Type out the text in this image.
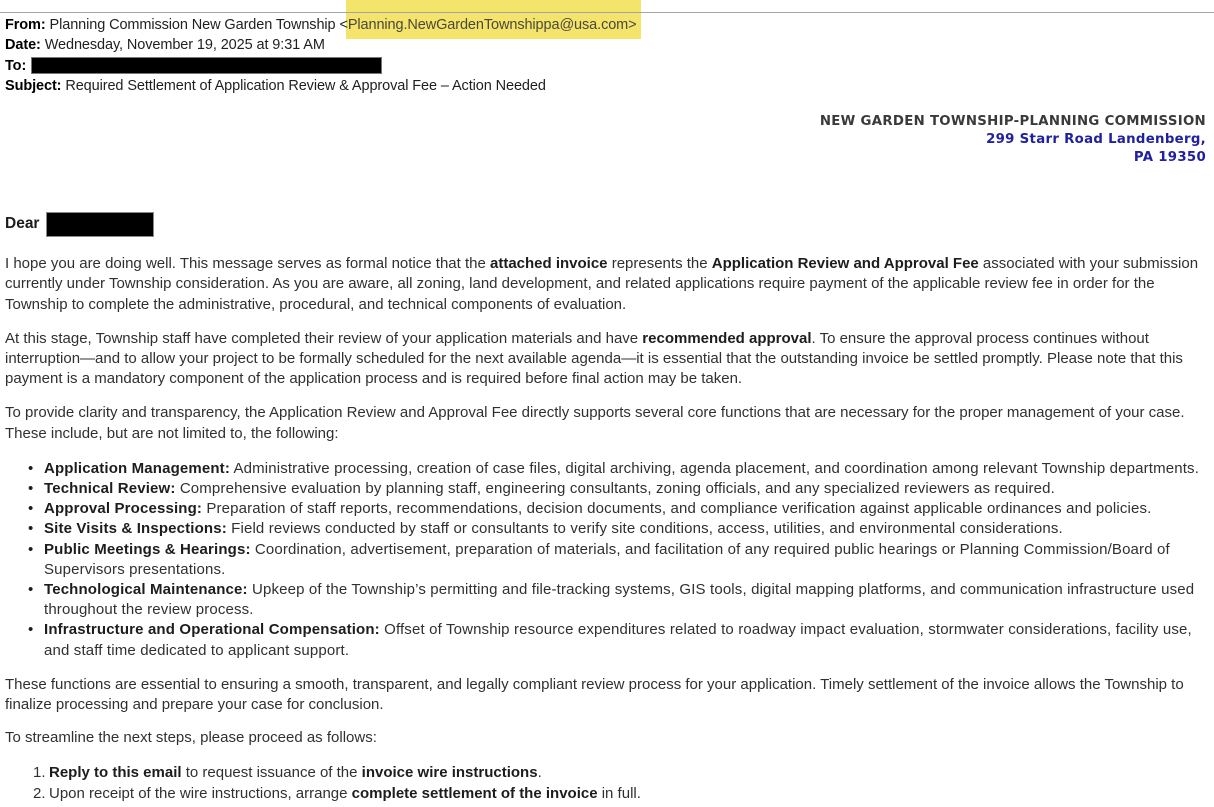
From: Planning Commission New Garden Township <Planning.NewGardenTownshippa@usa.com>
Date: Wednesday, November 19, 2025 at 9:31 AM
To:
Subject: Required Settlement of Application Review & Approval Fee – Action Needed
NEW GARDEN TOWNSHIP-PLANNING COMMISSION
299 Starr Road Landenberg,
PA 19350
Dear

I hope you are doing well. This message serves as formal notice that the attached invoice represents the Application Review and Approval Fee associated with your submission currently under Township consideration. As you are aware, all zoning, land development, and related applications require payment of the applicable review fee in order for the Township to complete the administrative, procedural, and technical components of evaluation.

At this stage, Township staff have completed their review of your application materials and have recommended approval. To ensure the approval process continues without interruption—and to allow your project to be formally scheduled for the next available agenda—it is essential that the outstanding invoice be settled promptly. Please note that this payment is a mandatory component of the application process and is required before final action may be taken.

To provide clarity and transparency, the Application Review and Approval Fee directly supports several core functions that are necessary for the proper management of your case. These include, but are not limited to, the following:

• Application Management: Administrative processing, creation of case files, digital archiving, agenda placement, and coordination among relevant Township departments.
• Technical Review: Comprehensive evaluation by planning staff, engineering consultants, zoning officials, and any specialized reviewers as required.
• Approval Processing: Preparation of staff reports, recommendations, decision documents, and compliance verification against applicable ordinances and policies.
• Site Visits & Inspections: Field reviews conducted by staff or consultants to verify site conditions, access, utilities, and environmental considerations.
• Public Meetings & Hearings: Coordination, advertisement, preparation of materials, and facilitation of any required public hearings or Planning Commission/Board of Supervisors presentations.
• Technological Maintenance: Upkeep of the Township’s permitting and file-tracking systems, GIS tools, digital mapping platforms, and communication infrastructure used throughout the review process.
• Infrastructure and Operational Compensation: Offset of Township resource expenditures related to roadway impact evaluation, stormwater considerations, facility use, and staff time dedicated to applicant support.

These functions are essential to ensuring a smooth, transparent, and legally compliant review process for your application. Timely settlement of the invoice allows the Township to finalize processing and prepare your case for conclusion.

To streamline the next steps, please proceed as follows:

1. Reply to this email to request issuance of the invoice wire instructions.
2. Upon receipt of the wire instructions, arrange complete settlement of the invoice in full.
